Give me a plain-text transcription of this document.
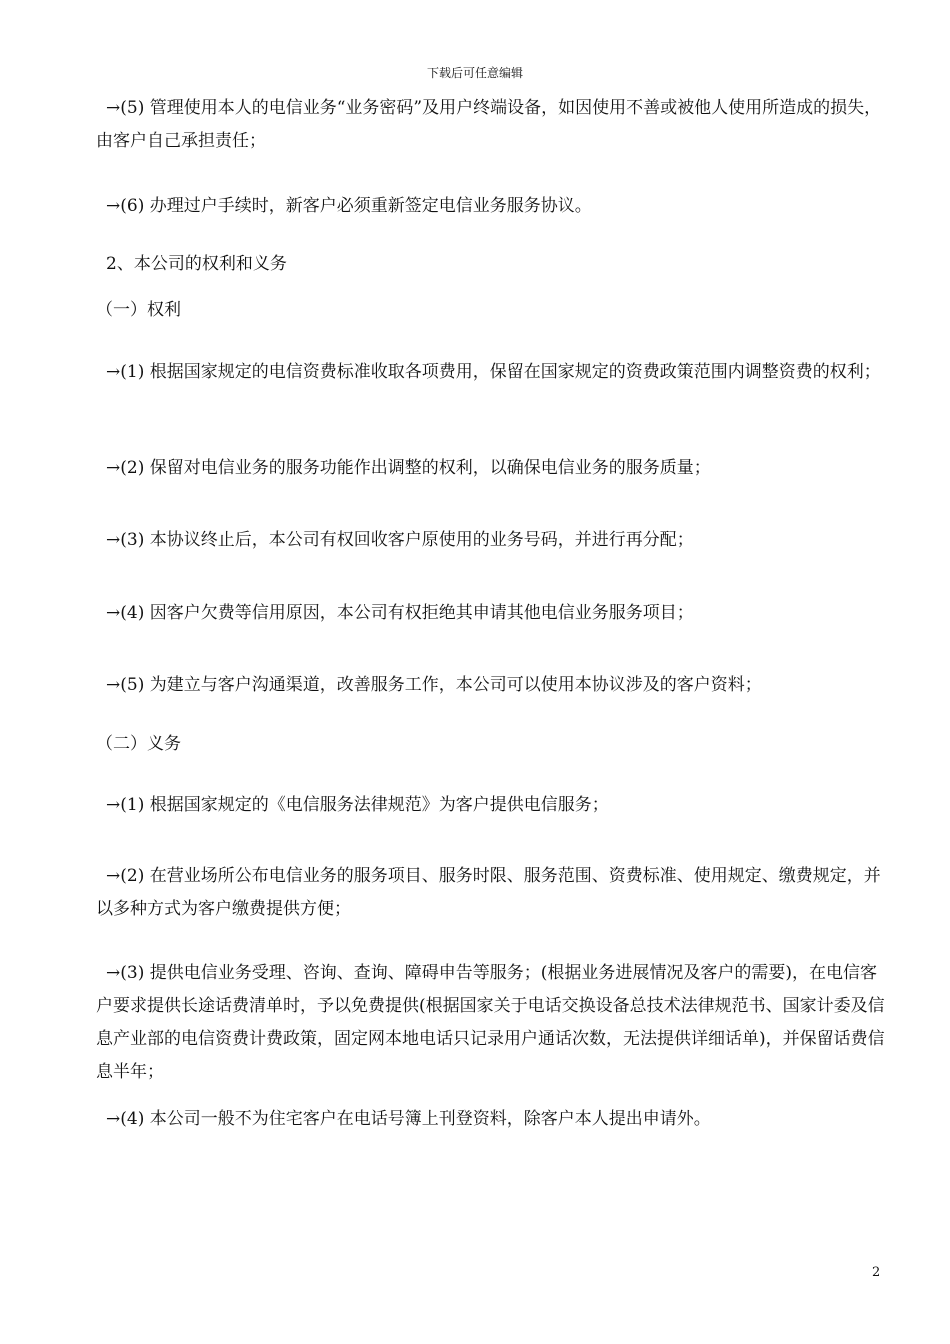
下载后可任意编辑

→(5) 管理使用本人的电信业务“业务密码”及用户终端设备，如因使用不善或被他人使用所造成的损失，由客户自己承担责任；

→(6) 办理过户手续时，新客户必须重新签定电信业务服务协议。

2、本公司的权利和义务

（一）权利

→(1) 根据国家规定的电信资费标准收取各项费用，保留在国家规定的资费政策范围内调整资费的权利；

→(2) 保留对电信业务的服务功能作出调整的权利，以确保电信业务的服务质量；

→(3) 本协议终止后，本公司有权回收客户原使用的业务号码，并进行再分配；

→(4) 因客户欠费等信用原因，本公司有权拒绝其申请其他电信业务服务项目；

→(5) 为建立与客户沟通渠道，改善服务工作，本公司可以使用本协议涉及的客户资料；

（二）义务

→(1) 根据国家规定的《电信服务法律规范》为客户提供电信服务；

→(2) 在营业场所公布电信业务的服务项目、服务时限、服务范围、资费标准、使用规定、缴费规定，并以多种方式为客户缴费提供方便；

→(3) 提供电信业务受理、咨询、查询、障碍申告等服务；(根据业务进展情况及客户的需要)，在电信客户要求提供长途话费清单时，予以免费提供(根据国家关于电话交换设备总技术法律规范书、国家计委及信息产业部的电信资费计费政策，固定网本地电话只记录用户通话次数，无法提供详细话单)，并保留话费信息半年；

→(4) 本公司一般不为住宅客户在电话号簿上刊登资料，除客户本人提出申请外。

2
